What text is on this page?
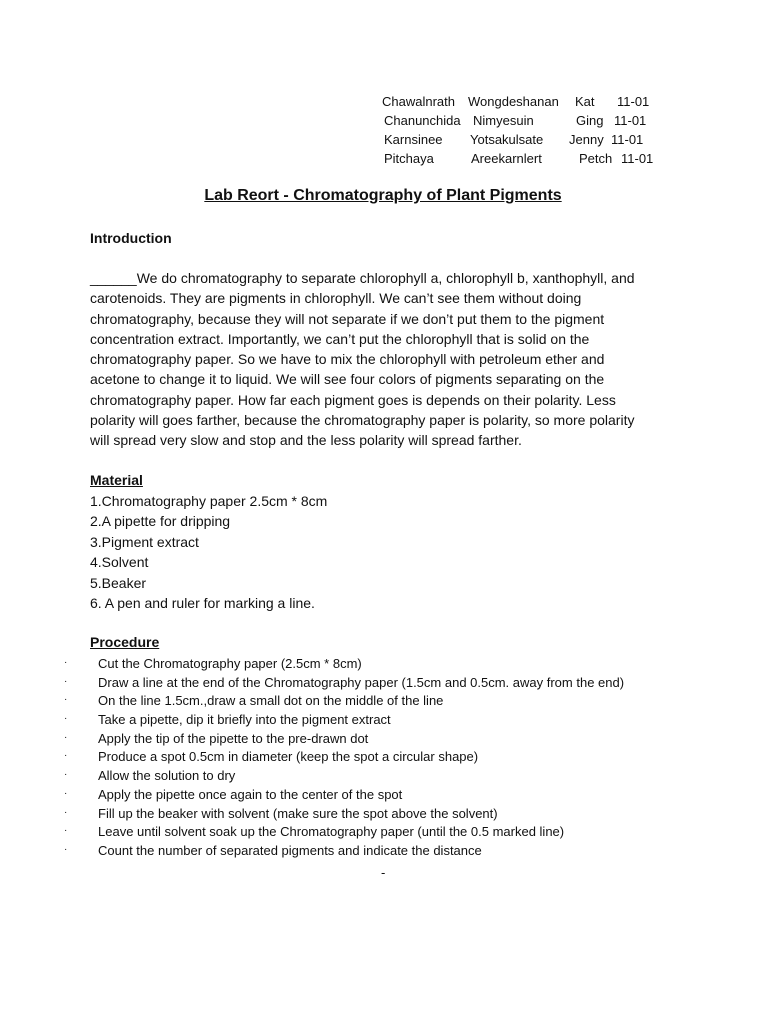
Chawalnrath Wongdeshanan Kat 11-01
Chanunchida Nimyesuin	Ging 11-01
Karnsinee Yotsakulsate Jenny 11-01
Pitchaya	Areekarnlert	Petch 11-01
Lab Reort - Chromatography of Plant Pigments
Introduction
______We do chromatography to separate chlorophyll a, chlorophyll b, xanthophyll, and
carotenoids. They are pigments in chlorophyll. We can’t see them without doing
chromatography, because they will not separate if we don’t put them to the pigment
concentration extract. Importantly, we can’t put the chlorophyll that is solid on the
chromatography paper. So we have to mix the chlorophyll with petroleum ether and
acetone to change it to liquid. We will see four colors of pigments separating on the
chromatography paper. How far each pigment goes is depends on their polarity. Less
polarity will goes farther, because the chromatography paper is polarity, so more polarity
will spread very slow and stop and the less polarity will spread farther.
Material
1.Chromatography paper 2.5cm * 8cm
2.A pipette for dripping
3.Pigment extract
4.Solvent
5.Beaker
6. A pen and ruler for marking a line.
Procedure
· Cut the Chromatography paper (2.5cm * 8cm)
· Draw a line at the end of the Chromatography paper (1.5cm and 0.5cm. away from the end)
· On the line 1.5cm.,draw a small dot on the middle of the line
· Take a pipette, dip it briefly into the pigment extract
· Apply the tip of the pipette to the pre-drawn dot
· Produce a spot 0.5cm in diameter (keep the spot a circular shape)
· Allow the solution to dry
· Apply the pipette once again to the center of the spot
· Fill up the beaker with solvent (make sure the spot above the solvent)
· Leave until solvent soak up the Chromatography paper (until the 0.5 marked line)
· Count the number of separated pigments and indicate the distance
-
